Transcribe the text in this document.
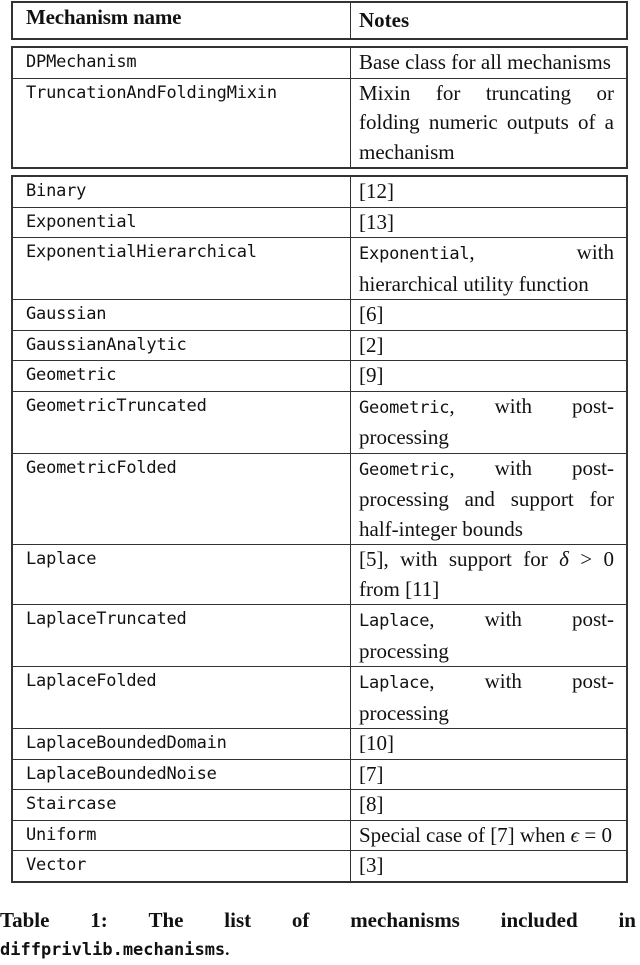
Mechanism name	Notes
DPMechanism	Base class for all mechanisms
TruncationAndFoldingMixin	Mixin for truncating or folding numeric outputs of a mechanism
Binary	[12]
Exponential	[13]
ExponentialHierarchical	Exponential, with hierarchical utility function
Gaussian	[6]
GaussianAnalytic	[2]
Geometric	[9]
GeometricTruncated	Geometric, with post-processing
GeometricFolded	Geometric, with post-processing and support for half-integer bounds
Laplace	[5], with support for δ > 0 from [11]
LaplaceTruncated	Laplace, with post-processing
LaplaceFolded	Laplace, with post-processing
LaplaceBoundedDomain	[10]
LaplaceBoundedNoise	[7]
Staircase	[8]
Uniform	Special case of [7] when ϵ = 0
Vector	[3]
Table 1: The list of mechanisms included in
diffprivlib.mechanisms.
